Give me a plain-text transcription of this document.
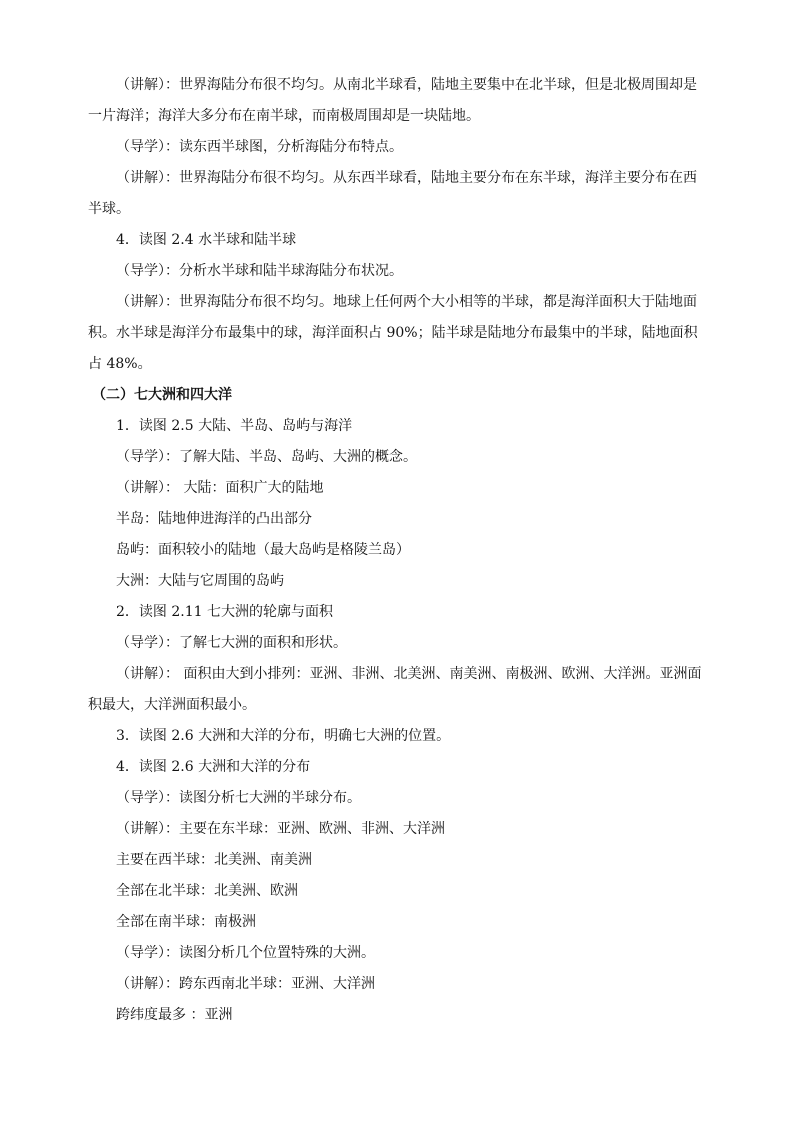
（讲解）：世界海陆分布很不均匀。从南北半球看，陆地主要集中在北半球，但是北极周围却是一片海洋；海洋大多分布在南半球，而南极周围却是一块陆地。

（导学）：读东西半球图，分析海陆分布特点。

（讲解）：世界海陆分布很不均匀。从东西半球看，陆地主要分布在东半球，海洋主要分布在西半球。

4．读图 2.4 水半球和陆半球

（导学）：分析水半球和陆半球海陆分布状况。

（讲解）：世界海陆分布很不均匀。地球上任何两个大小相等的半球，都是海洋面积大于陆地面积。水半球是海洋分布最集中的球，海洋面积占 90%；陆半球是陆地分布最集中的半球，陆地面积占 48%。

（二）七大洲和四大洋

1．读图 2.5 大陆、半岛、岛屿与海洋

（导学）：了解大陆、半岛、岛屿、大洲的概念。

（讲解）： 大陆：面积广大的陆地

半岛：陆地伸进海洋的凸出部分

岛屿：面积较小的陆地（最大岛屿是格陵兰岛）

大洲：大陆与它周围的岛屿

2．读图 2.11 七大洲的轮廓与面积

（导学）：了解七大洲的面积和形状。

（讲解）： 面积由大到小排列：亚洲、非洲、北美洲、南美洲、南极洲、欧洲、大洋洲。亚洲面积最大，大洋洲面积最小。

3．读图 2.6 大洲和大洋的分布，明确七大洲的位置。

4．读图 2.6 大洲和大洋的分布

（导学）：读图分析七大洲的半球分布。

（讲解）：主要在东半球：亚洲、欧洲、非洲、大洋洲

主要在西半球：北美洲、南美洲

全部在北半球：北美洲、欧洲

全部在南半球：南极洲

（导学）：读图分析几个位置特殊的大洲。

（讲解）：跨东西南北半球：亚洲、大洋洲

跨纬度最多 ：亚洲
